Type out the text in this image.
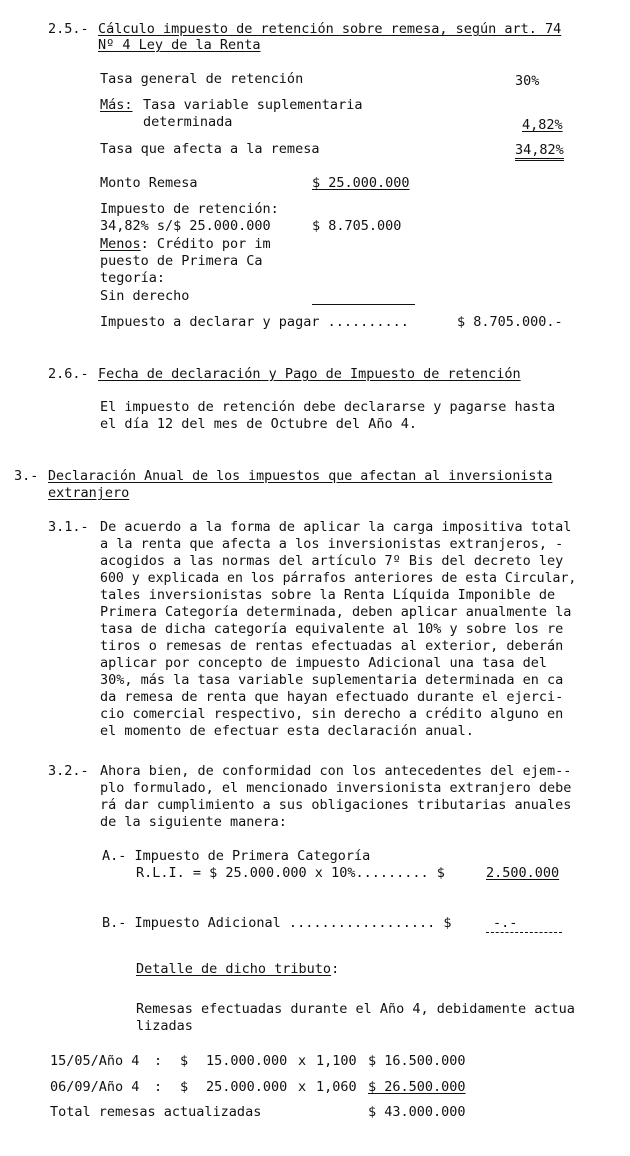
2.5.- Cálculo impuesto de retención sobre remesa, según art. 74
Nº 4 Ley de la Renta
Tasa general de retención	30%
Más: Tasa variable suplementaria
determinada	4,82%
Tasa que afecta a la remesa	34,82%
Monto Remesa	$ 25.000.000
Impuesto de retención:
34,82% s/$ 25.000.000	$ 8.705.000
Menos: Crédito por im
puesto de Primera Ca
tegoría:
Sin derecho
Impuesto a declarar y pagar ..........	$ 8.705.000.-
2.6.- Fecha de declaración y Pago de Impuesto de retención
El impuesto de retención debe declararse y pagarse hasta
el día 12 del mes de Octubre del Año 4.
3.- Declaración Anual de los impuestos que afectan al inversionista
extranjero
3.1.- De acuerdo a la forma de aplicar la carga impositiva total
a la renta que afecta a los inversionistas extranjeros, -
acogidos a las normas del artículo 7º Bis del decreto ley
600 y explicada en los párrafos anteriores de esta Circular,
tales inversionistas sobre la Renta Líquida Imponible de
Primera Categoría determinada, deben aplicar anualmente la
tasa de dicha categoría equivalente al 10% y sobre los re
tiros o remesas de rentas efectuadas al exterior, deberán
aplicar por concepto de impuesto Adicional una tasa del
30%, más la tasa variable suplementaria determinada en ca
da remesa de renta que hayan efectuado durante el ejerci-
cio comercial respectivo, sin derecho a crédito alguno en
el momento de efectuar esta declaración anual.
3.2.- Ahora bien, de conformidad con los antecedentes del ejem--
plo formulado, el mencionado inversionista extranjero debe
rá dar cumplimiento a sus obligaciones tributarias anuales
de la siguiente manera:
A.- Impuesto de Primera Categoría
R.L.I. = $ 25.000.000 x 10%......... $	2.500.000
B.- Impuesto Adicional .................. $	-.-
Detalle de dicho tributo:
Remesas efectuadas durante el Año 4, debidamente actua
lizadas
15/05/Año 4 : $ 15.000.000 x 1,100 $ 16.500.000
06/09/Año 4 : $ 25.000.000 x 1,060 $ 26.500.000
Total remesas actualizadas	$ 43.000.000
